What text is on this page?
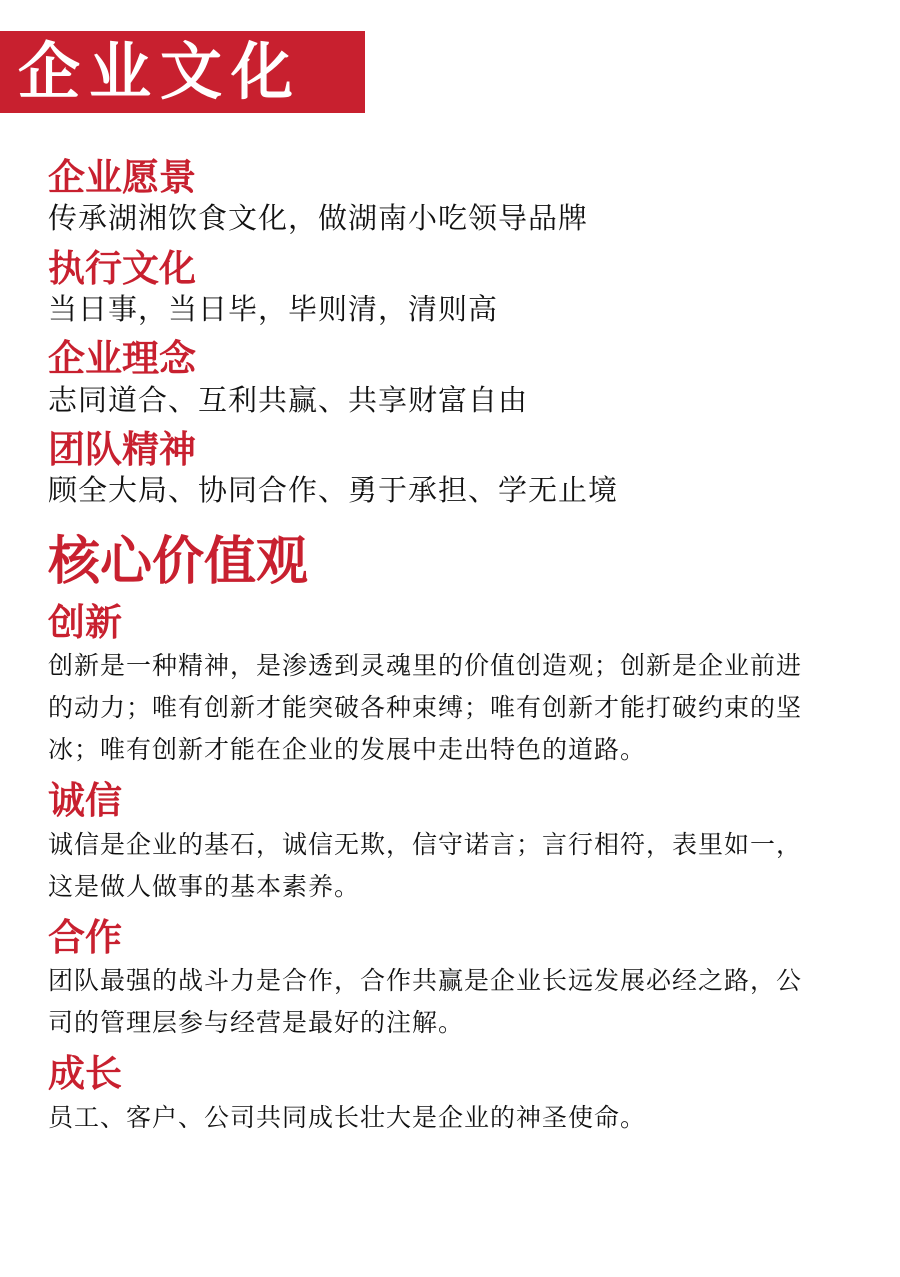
企业文化
企业愿景
传承湖湘饮食文化，做湖南小吃领导品牌
执行文化
当日事，当日毕，毕则清，清则高
企业理念
志同道合、互利共赢、共享财富自由
团队精神
顾全大局、协同合作、勇于承担、学无止境
核心价值观
创新
创新是一种精神，是渗透到灵魂里的价值创造观；创新是企业前进
的动力；唯有创新才能突破各种束缚；唯有创新才能打破约束的坚
冰；唯有创新才能在企业的发展中走出特色的道路。
诚信
诚信是企业的基石，诚信无欺，信守诺言；言行相符，表里如一，
这是做人做事的基本素养。
合作
团队最强的战斗力是合作，合作共赢是企业长远发展必经之路，公
司的管理层参与经营是最好的注解。
成长
员工、客户、公司共同成长壮大是企业的神圣使命。
